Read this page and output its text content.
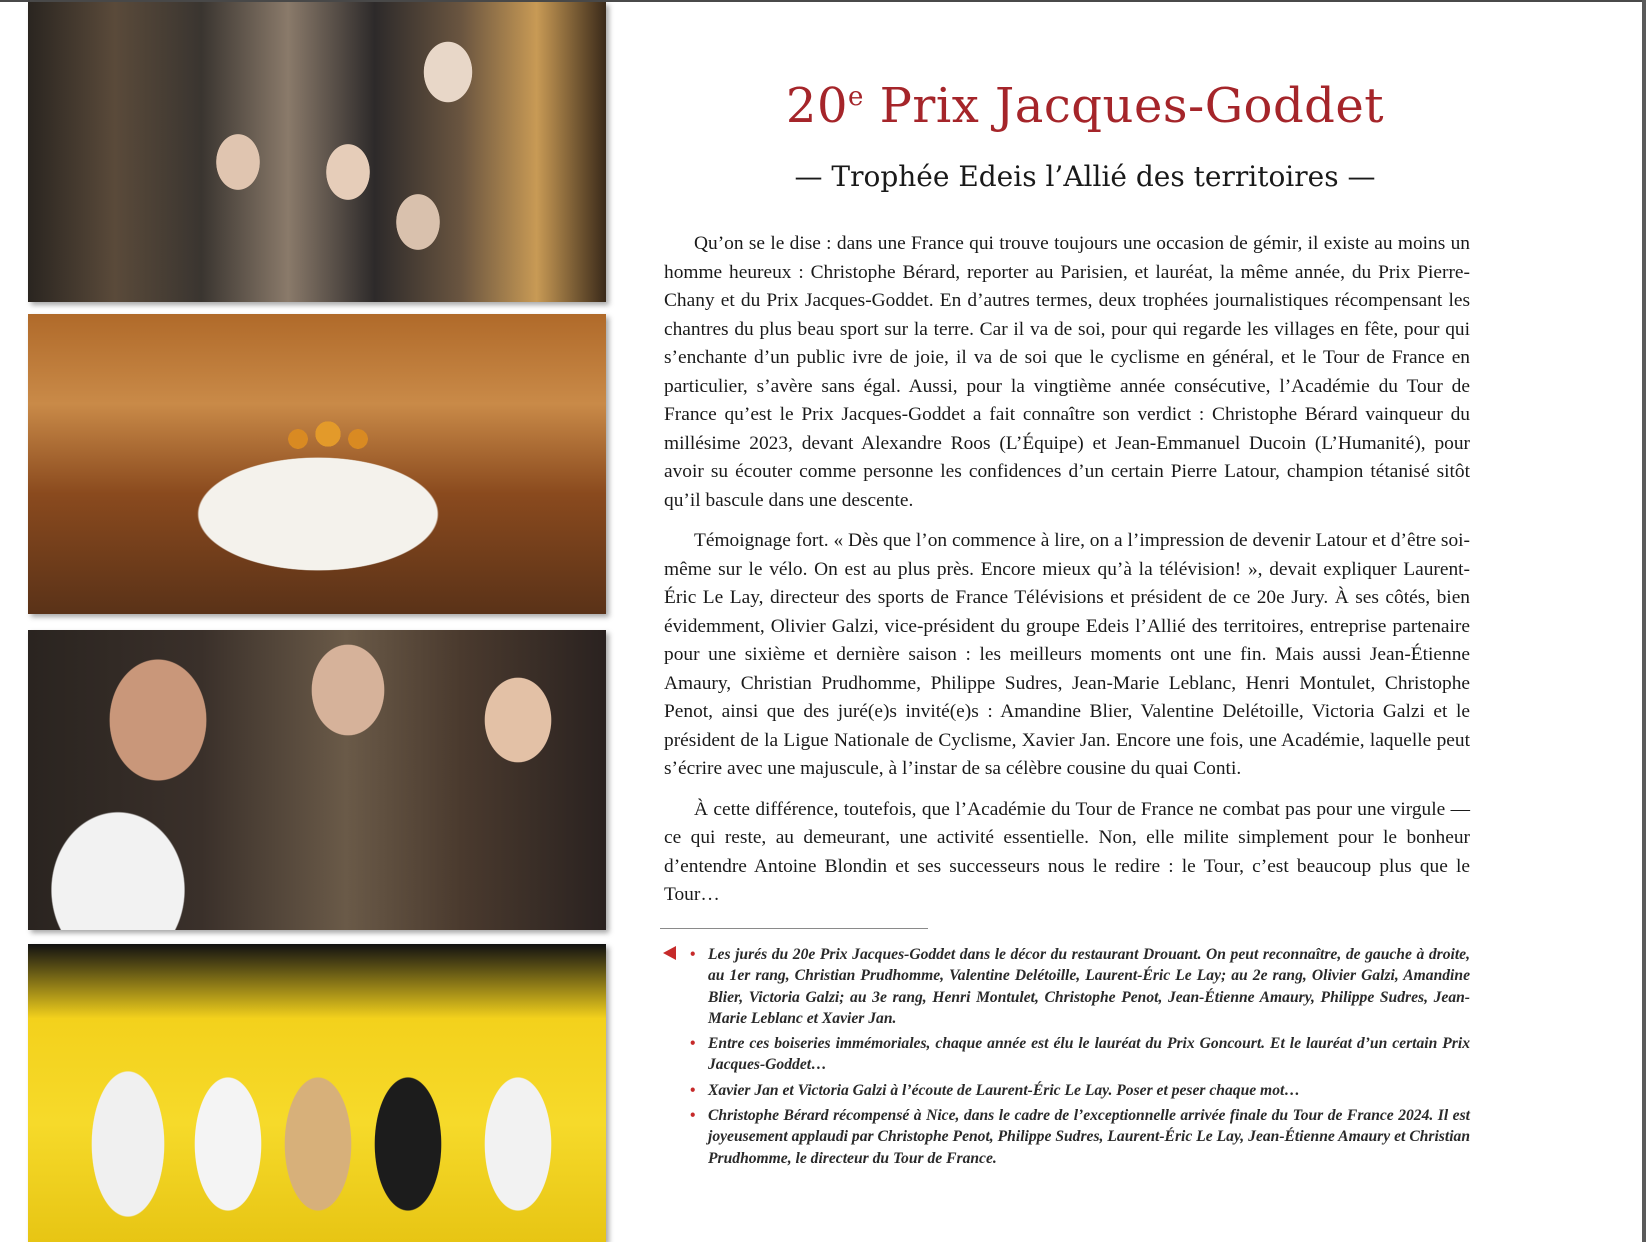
20e Prix Jacques-Goddet
— Trophée Edeis l’Allié des territoires —

Qu’on se le dise : dans une France qui trouve toujours une occasion de gémir, il existe au moins un homme heureux : Christophe Bérard, reporter au Parisien, et lauréat, la même année, du Prix Pierre-Chany et du Prix Jacques-Goddet. En d’autres termes, deux trophées journalistiques récompensant les chantres du plus beau sport sur la terre. Car il va de soi, pour qui regarde les villages en fête, pour qui s’enchante d’un public ivre de joie, il va de soi que le cyclisme en général, et le Tour de France en particulier, s’avère sans égal. Aussi, pour la vingtième année consécutive, l’Académie du Tour de France qu’est le Prix Jacques-Goddet a fait connaître son verdict : Christophe Bérard vainqueur du millésime 2023, devant Alexandre Roos (L’Équipe) et Jean-Emmanuel Ducoin (L’Humanité), pour avoir su écouter comme personne les confidences d’un certain Pierre Latour, champion tétanisé sitôt qu’il bascule dans une descente.

Témoignage fort. « Dès que l’on commence à lire, on a l’impression de devenir Latour et d’être soi-même sur le vélo. On est au plus près. Encore mieux qu’à la télévision! », devait expliquer Laurent-Éric Le Lay, directeur des sports de France Télévisions et président de ce 20e Jury. À ses côtés, bien évidemment, Olivier Galzi, vice-président du groupe Edeis l’Allié des territoires, entreprise partenaire pour une sixième et dernière saison : les meilleurs moments ont une fin. Mais aussi Jean-Étienne Amaury, Christian Prudhomme, Philippe Sudres, Jean-Marie Leblanc, Henri Montulet, Christophe Penot, ainsi que des juré(e)s invité(e)s : Amandine Blier, Valentine Delétoille, Victoria Galzi et le président de la Ligue Nationale de Cyclisme, Xavier Jan. Encore une fois, une Académie, laquelle peut s’écrire avec une majuscule, à l’instar de sa célèbre cousine du quai Conti.

À cette différence, toutefois, que l’Académie du Tour de France ne combat pas pour une virgule — ce qui reste, au demeurant, une activité essentielle. Non, elle milite simplement pour le bonheur d’entendre Antoine Blondin et ses successeurs nous le redire : le Tour, c’est beaucoup plus que le Tour…

• Les jurés du 20e Prix Jacques-Goddet dans le décor du restaurant Drouant. On peut reconnaître, de gauche à droite, au 1er rang, Christian Prudhomme, Valentine Delétoille, Laurent-Éric Le Lay; au 2e rang, Olivier Galzi, Amandine Blier, Victoria Galzi; au 3e rang, Henri Montulet, Christophe Penot, Jean-Étienne Amaury, Philippe Sudres, Jean-Marie Leblanc et Xavier Jan.
• Entre ces boiseries immémoriales, chaque année est élu le lauréat du Prix Goncourt. Et le lauréat d’un certain Prix Jacques-Goddet…
• Xavier Jan et Victoria Galzi à l’écoute de Laurent-Éric Le Lay. Poser et peser chaque mot…
• Christophe Bérard récompensé à Nice, dans le cadre de l’exceptionnelle arrivée finale du Tour de France 2024. Il est joyeusement applaudi par Christophe Penot, Philippe Sudres, Laurent-Éric Le Lay, Jean-Étienne Amaury et Christian Prudhomme, le directeur du Tour de France.
